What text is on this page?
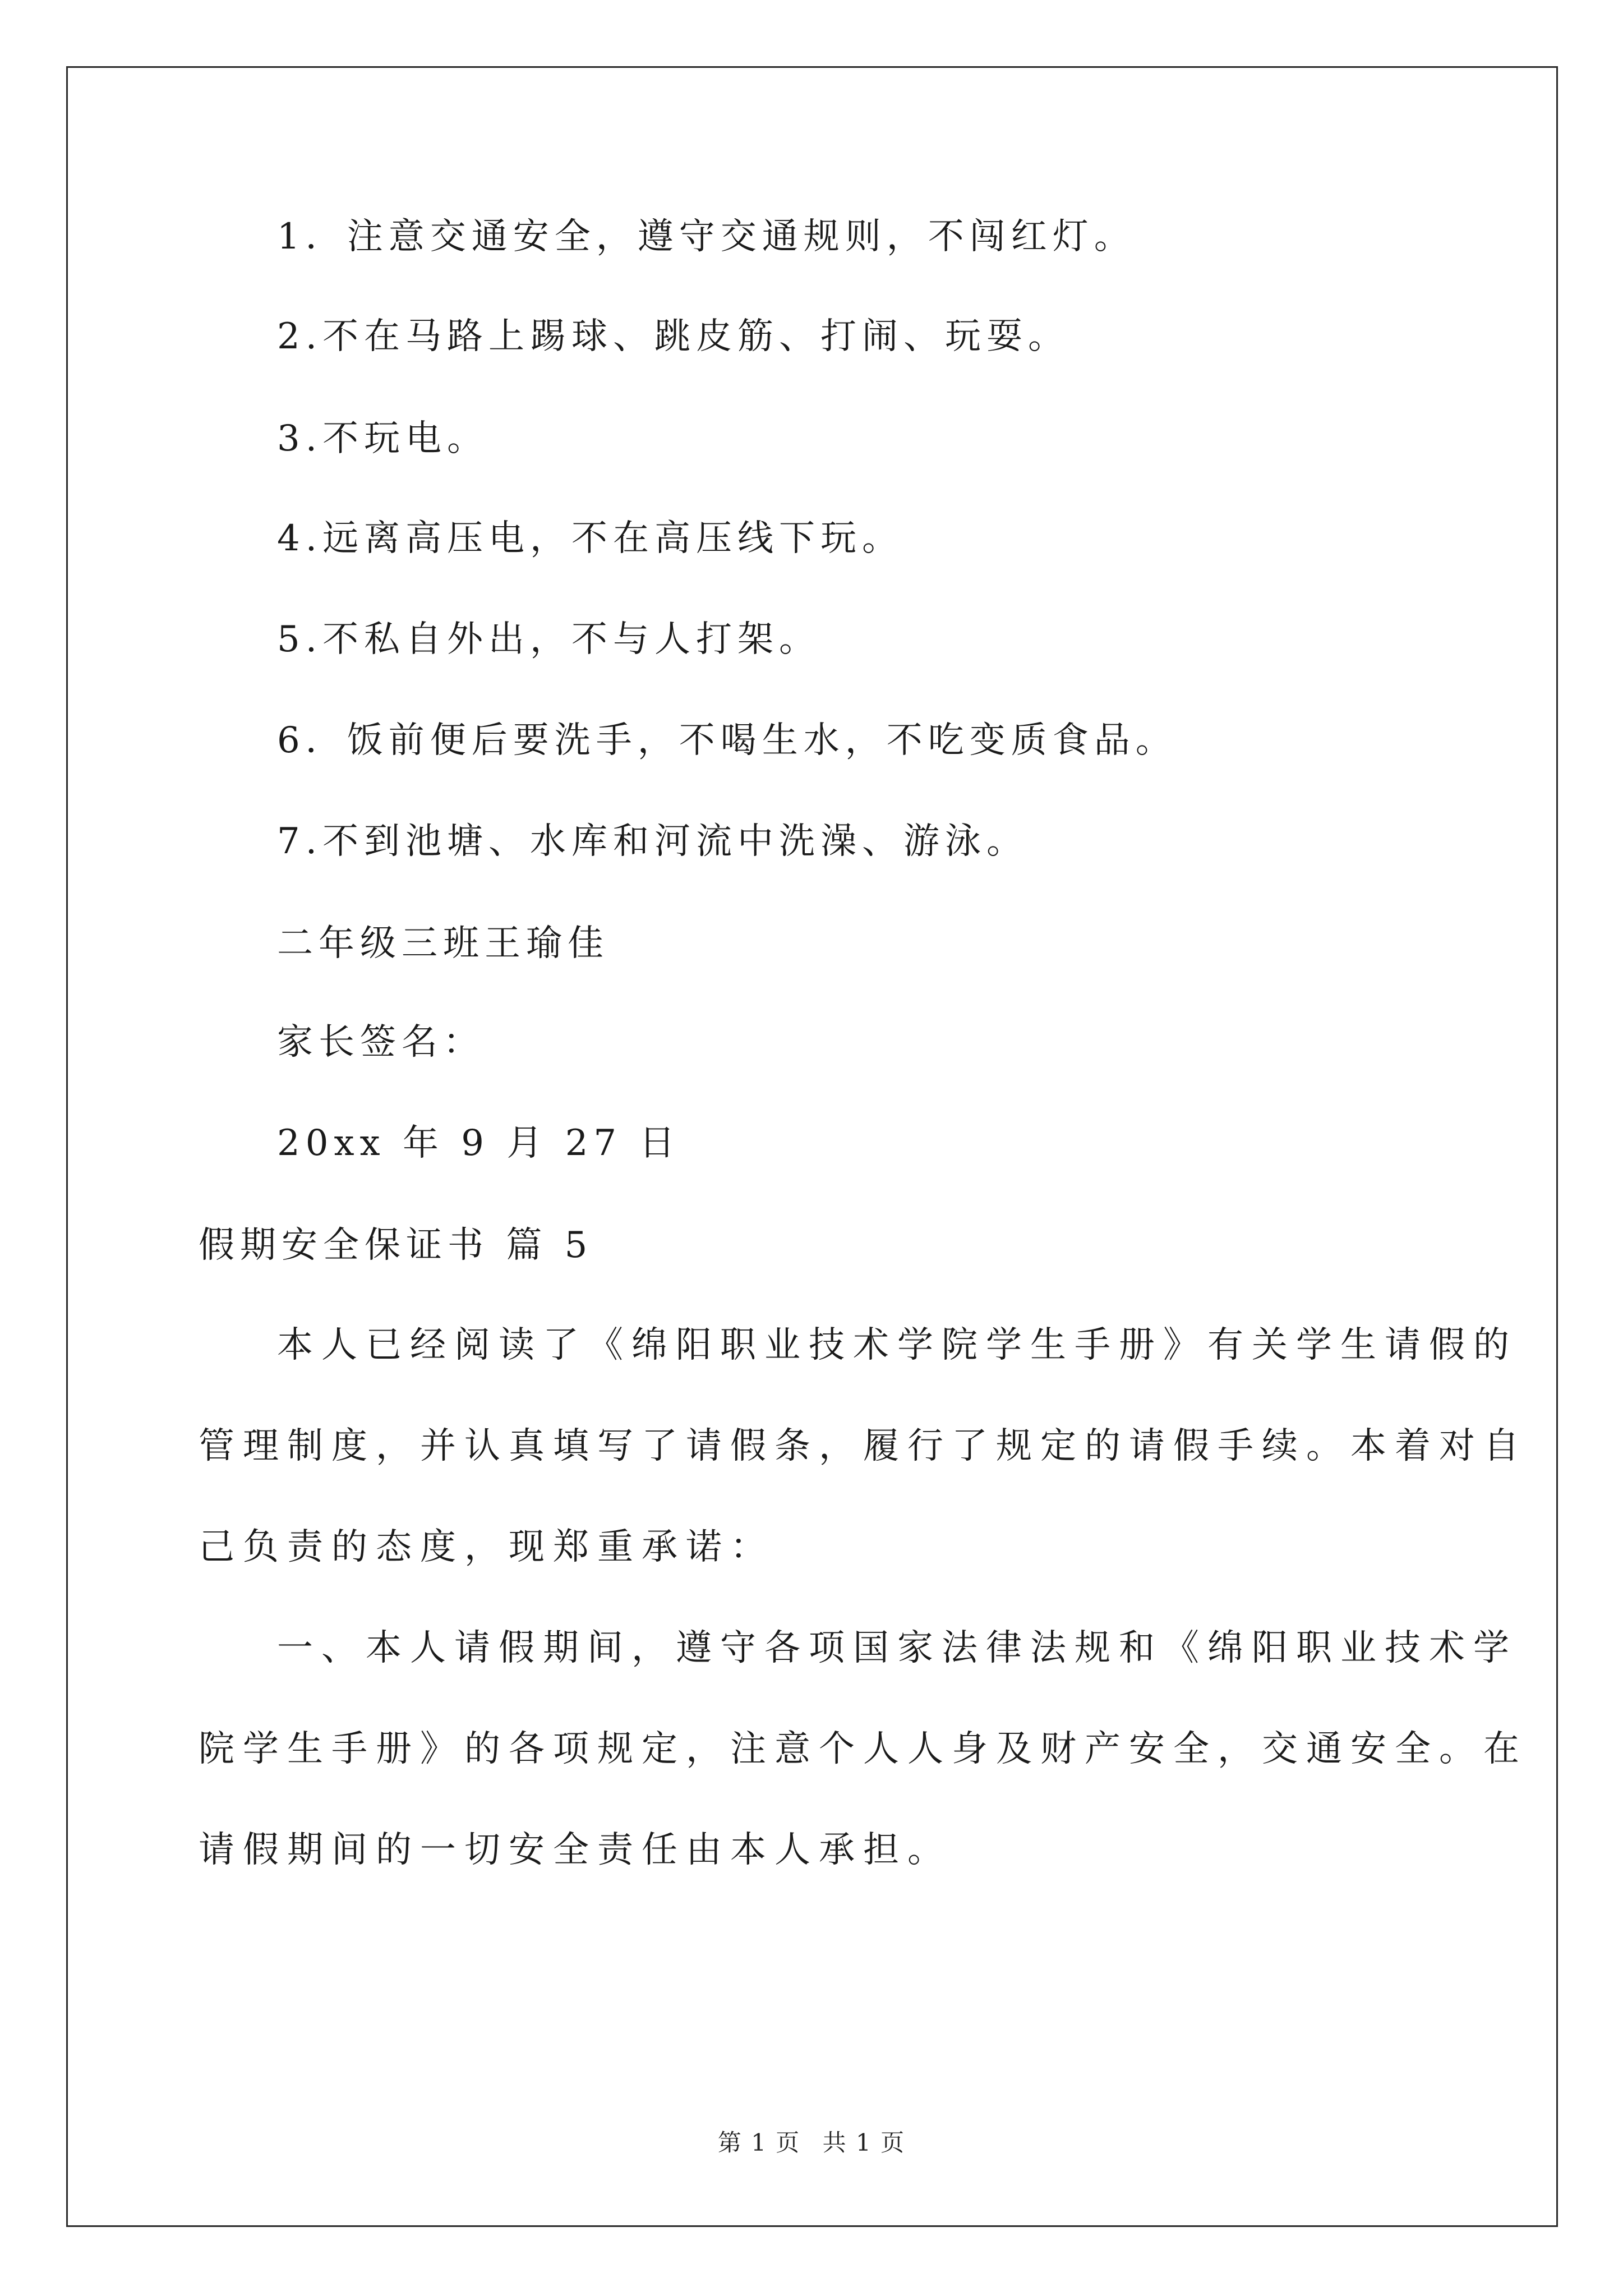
1．注意交通安全，遵守交通规则，不闯红灯。
2.不在马路上踢球、跳皮筋、打闹、玩耍。
3.不玩电。
4.远离高压电，不在高压线下玩。
5.不私自外出，不与人打架。
6．饭前便后要洗手，不喝生水，不吃变质食品。
7.不到池塘、水库和河流中洗澡、游泳。
二年级三班王瑜佳
家长签名：
20xx 年 9 月 27 日
假期安全保证书 篇 5
本人已经阅读了《绵阳职业技术学院学生手册》有关学生请假的
管理制度，并认真填写了请假条，履行了规定的请假手续。本着对自
己负责的态度，现郑重承诺：
一、本人请假期间，遵守各项国家法律法规和《绵阳职业技术学
院学生手册》的各项规定，注意个人人身及财产安全，交通安全。在
请假期间的一切安全责任由本人承担。
第 1 页 共 1 页
